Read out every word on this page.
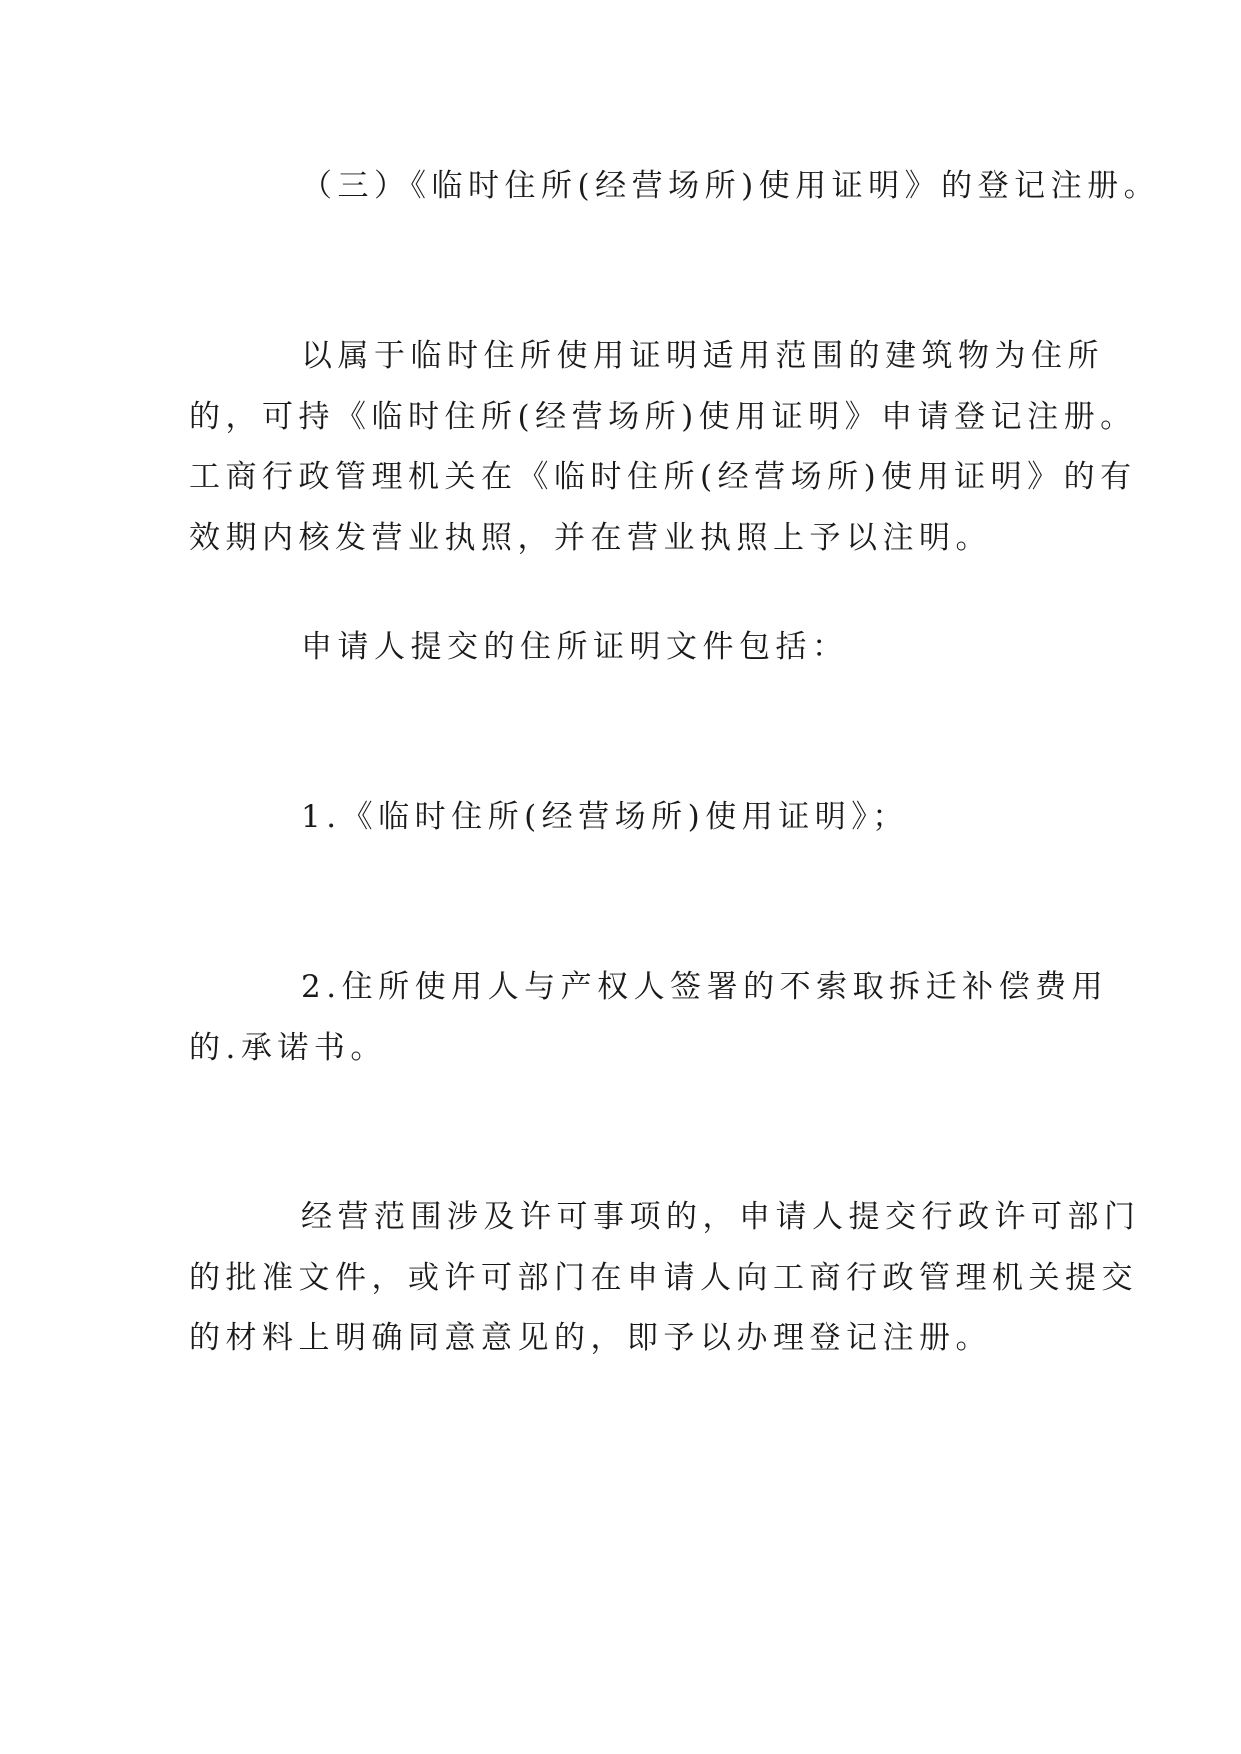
（三）《临时住所(经营场所)使用证明》的登记注册。
以属于临时住所使用证明适用范围的建筑物为住所
的，可持《临时住所(经营场所)使用证明》申请登记注册。
工商行政管理机关在《临时住所(经营场所)使用证明》的有
效期内核发营业执照，并在营业执照上予以注明。
申请人提交的住所证明文件包括：
1.《临时住所(经营场所)使用证明》；
2.住所使用人与产权人签署的不索取拆迁补偿费用
的.承诺书。
经营范围涉及许可事项的，申请人提交行政许可部门
的批准文件，或许可部门在申请人向工商行政管理机关提交
的材料上明确同意意见的，即予以办理登记注册。
